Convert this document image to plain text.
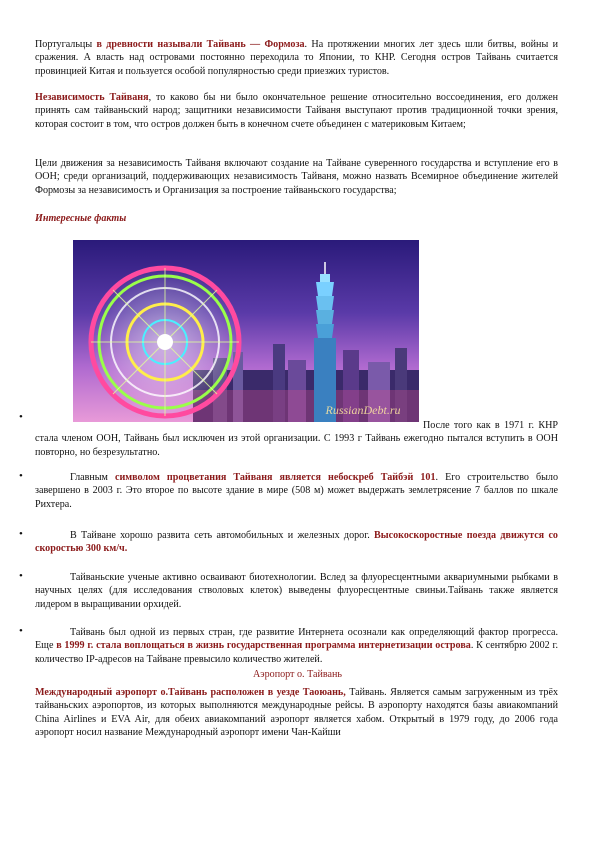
Португальцы в древности называли Тайвань — Формоза. На протяжении многих лет здесь шли битвы, войны и сражения. А власть над островами постоянно переходила то Японии, то КНР. Сегодня остров Тайвань считается провинцией Китая и пользуется особой популярностью среди приезжих туристов.

Независимость Тайваня, то каково бы ни было окончательное решение относительно воссоединения, его должен принять сам тайваньский народ; защитники независимости Тайваня выступают против традиционной точки зрения, которая состоит в том, что остров должен быть в конечном счете объединен с материковым Китаем;

Цели движения за независимость Тайваня включают создание на Тайване суверенного государства и вступление его в ООН; среди организаций, поддерживающих независимость Тайваня, можно назвать Всемирное объединение жителей Формозы за независимость и Организация за построение тайваньского государства;

Интересные факты

RussianDebt.ru
•

После того как в 1971 г. КНР стала членом ООН, Тайвань был исключен из этой организации. С 1993 г Тайвань ежегодно пытался вступить в ООН повторно, но безрезультатно.

•	Главным символом процветания Тайваня является небоскреб Тайбэй 101. Его строительство было завершено в 2003 г. Это второе по высоте здание в мире (508 м) может выдержать землетрясение 7 баллов по шкале Рихтера.

•	В Тайване хорошо развита сеть автомобильных и железных дорог. Высокоскоростные поезда движутся со скоростью 300 км/ч.

•	Тайваньские ученые активно осваивают биотехнологии. Вслед за флуоресцентными аквариумными рыбками в научных целях (для исследования стволовых клеток) выведены флуоресцентные свиньи.Тайвань также является лидером в выращивании орхидей.

•	Тайвань был одной из первых стран, где развитие Интернета осознали как определяющий фактор прогресса. Еще в 1999 г. стала воплощаться в жизнь государственная программа интернетизации острова. К сентябрю 2002 г. количество IP-адресов на Тайване превысило количество жителей.

Аэропорт о. Тайвань

Международный аэропорт о.Тайвань расположен в уезде Таоюань, Тайвань. Является самым загруженным из трёх тайваньских аэропортов, из которых выполняются международные рейсы. В аэропорту находятся базы авиакомпаний China Airlines и EVA Air, для обеих авиакомпаний аэропорт является хабом. Открытый в 1979 году, до 2006 года аэропорт носил название Международный аэропорт имени Чан-Кайши
